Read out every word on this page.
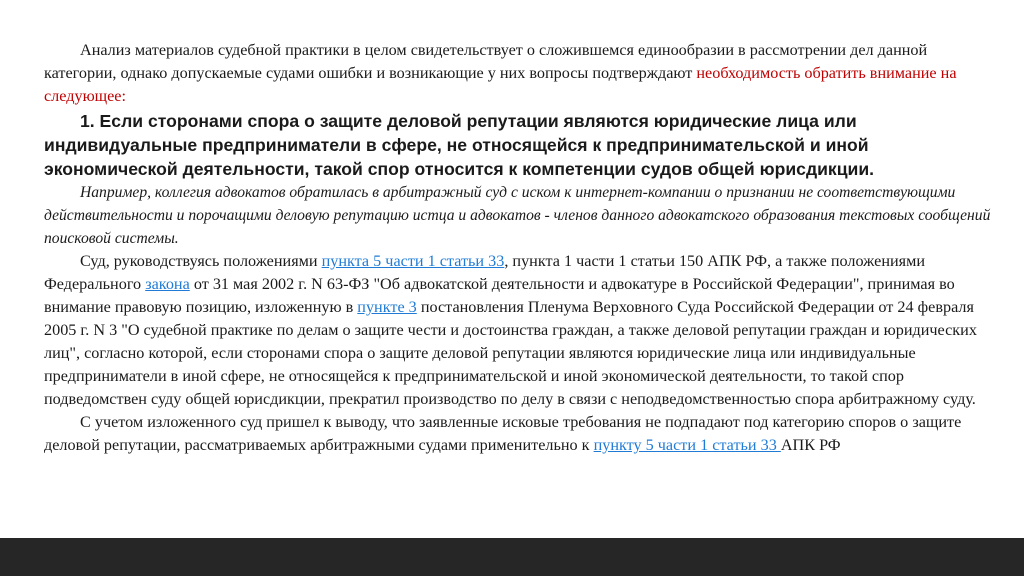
Анализ материалов судебной практики в целом свидетельствует о сложившемся единообразии в рассмотрении дел данной категории, однако допускаемые судами ошибки и возникающие у них вопросы подтверждают необходимость обратить внимание на следующее:

1. Если сторонами спора о защите деловой репутации являются юридические лица или индивидуальные предприниматели в сфере, не относящейся к предпринимательской и иной экономической деятельности, такой спор относится к компетенции судов общей юрисдикции.

Например, коллегия адвокатов обратилась в арбитражный суд с иском к интернет-компании о признании не соответствующими действительности и порочащими деловую репутацию истца и адвокатов - членов данного адвокатского образования текстовых сообщений поисковой системы.

Суд, руководствуясь положениями пункта 5 части 1 статьи 33, пункта 1 части 1 статьи 150 АПК РФ, а также положениями Федерального закона от 31 мая 2002 г. N 63-ФЗ "Об адвокатской деятельности и адвокатуре в Российской Федерации", принимая во внимание правовую позицию, изложенную в пункте 3 постановления Пленума Верховного Суда Российской Федерации от 24 февраля 2005 г. N 3 "О судебной практике по делам о защите чести и достоинства граждан, а также деловой репутации граждан и юридических лиц", согласно которой, если сторонами спора о защите деловой репутации являются юридические лица или индивидуальные предприниматели в иной сфере, не относящейся к предпринимательской и иной экономической деятельности, то такой спор подведомствен суду общей юрисдикции, прекратил производство по делу в связи с неподведомственностью спора арбитражному суду.

С учетом изложенного суд пришел к выводу, что заявленные исковые требования не подпадают под категорию споров о защите деловой репутации, рассматриваемых арбитражными судами применительно к пункту 5 части 1 статьи 33 АПК РФ
